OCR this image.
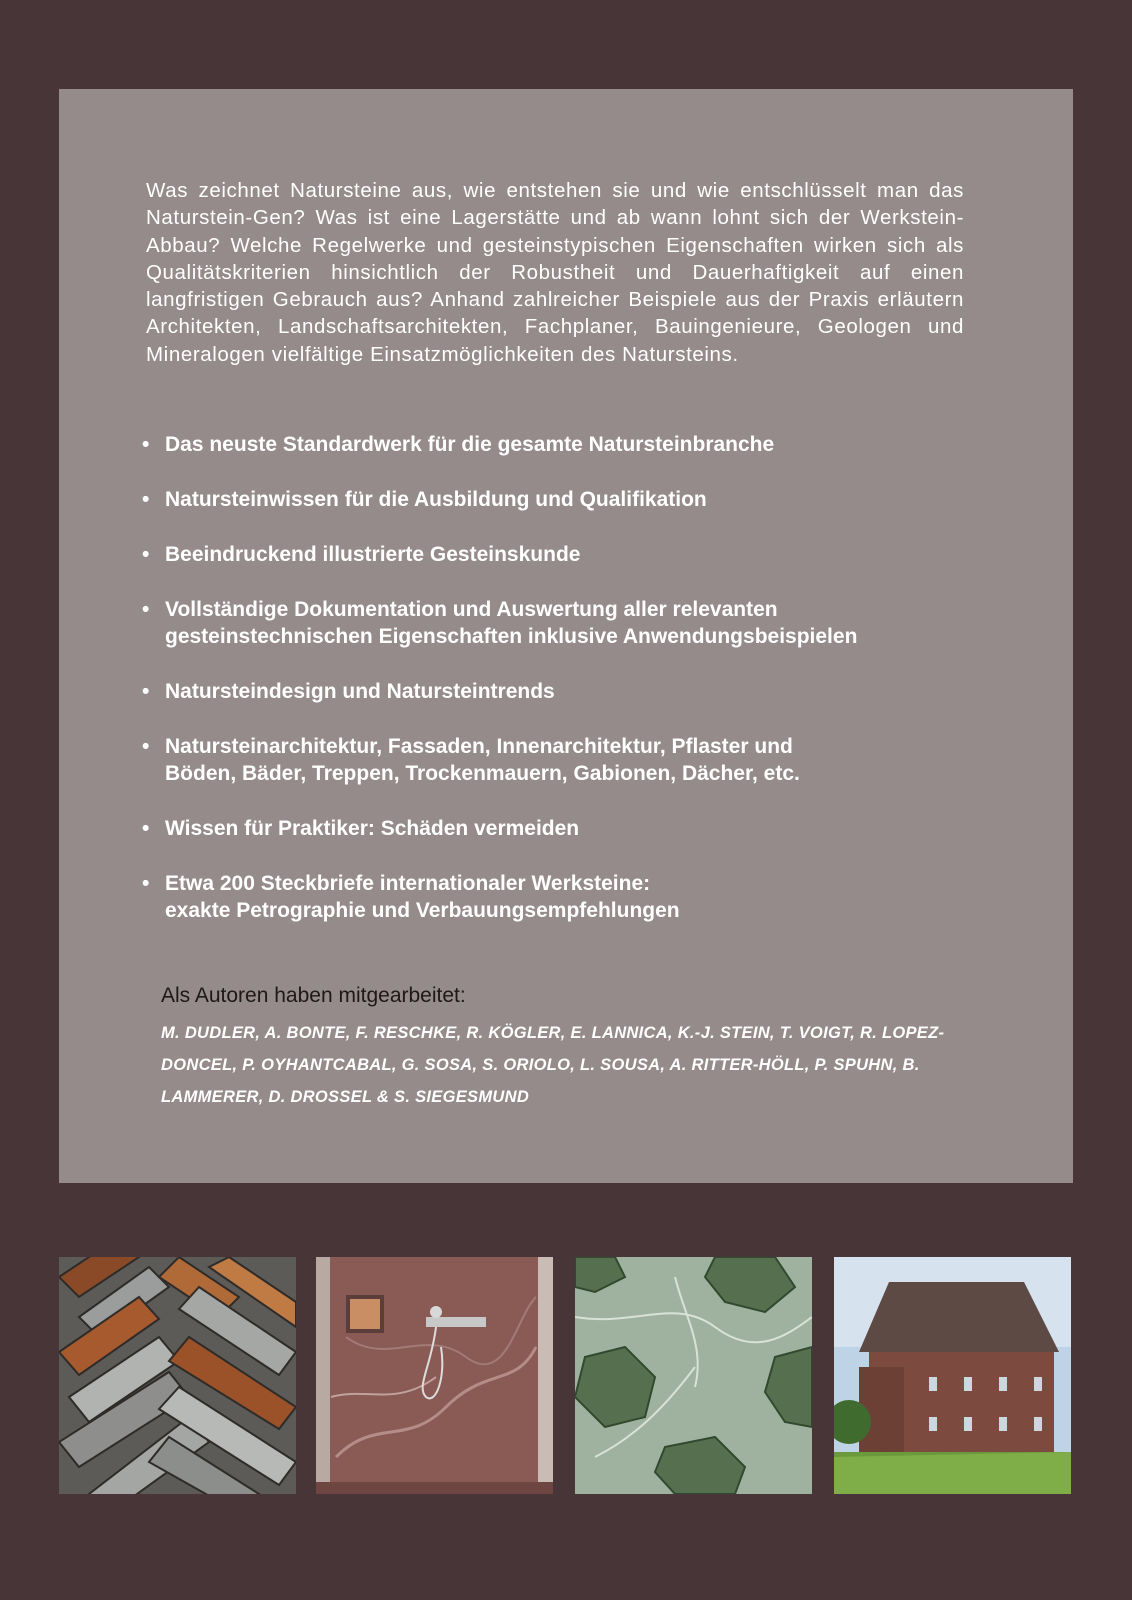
Was zeichnet Natursteine aus, wie entstehen sie und wie entschlüsselt man das Naturstein-Gen? Was ist eine Lagerstätte und ab wann lohnt sich der Werkstein-Abbau? Welche Regelwerke und gesteinstypischen Eigenschaften wirken sich als Qualitätskriterien hinsichtlich der Robustheit und Dauerhaftigkeit auf einen langfristigen Gebrauch aus? Anhand zahlreicher Beispiele aus der Praxis erläutern Architekten, Landschaftsarchitekten, Fachplaner, Bauingenieure, Geologen und Mineralogen vielfältige Einsatzmöglichkeiten des Natursteins.

• Das neuste Standardwerk für die gesamte Natursteinbranche
• Natursteinwissen für die Ausbildung und Qualifikation
• Beeindruckend illustrierte Gesteinskunde
• Vollständige Dokumentation und Auswertung aller relevanten
gesteinstechnischen Eigenschaften inklusive Anwendungsbeispielen
• Natursteindesign und Natursteintrends
• Natursteinarchitektur, Fassaden, Innenarchitektur, Pflaster und
Böden, Bäder, Treppen, Trockenmauern, Gabionen, Dächer, etc.
• Wissen für Praktiker: Schäden vermeiden
• Etwa 200 Steckbriefe internationaler Werksteine:
exakte Petrographie und Verbauungsempfehlungen

Als Autoren haben mitgearbeitet:

M. DUDLER, A. BONTE, F. RESCHKE, R. KÖGLER, E. LANNICA, K.-J. STEIN, T. VOIGT, R. LOPEZ-DONCEL, P. OYHANTCABAL, G. SOSA, S. ORIOLO, L. SOUSA, A. RITTER-HÖLL, P. SPUHN, B. LAMMERER, D. DROSSEL & S. SIEGESMUND
